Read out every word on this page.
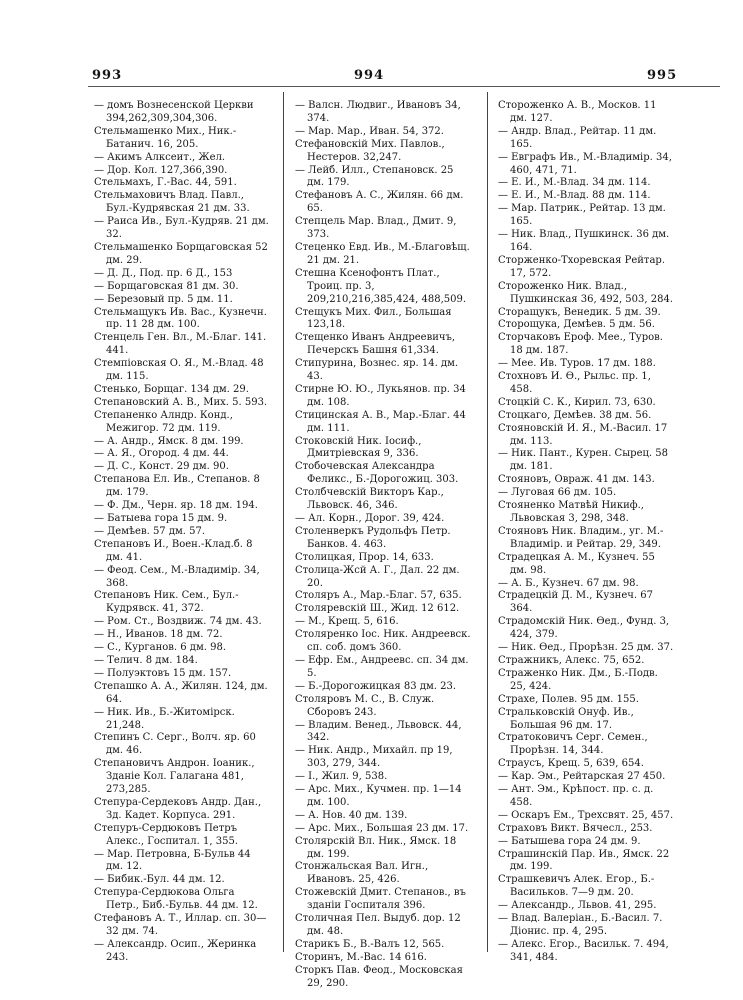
993	994	995

— домъ Вознесенской Церкви 394,262,309,304,306.

Стельмашенко Мих., Ник.-Батанич. 16, 205.

— Акимъ Алксеит., Жел.

— Дор. Кол. 127,366,390.

Стельмахъ, Г.-Вас. 44, 591.

Стельмаховичъ Влад. Павл., Бул.-Кудрявская 21 дм. 33.

— Раиса Ив., Бул.-Кудряв. 21 дм. 32.

Стельмашенко Борщаговская 52 дм. 29.

— Д. Д., Под. пр. 6 Д., 153

— Борщаговская 81 дм. 30.

— Березовый пр. 5 дм. 11.

Стельмащукъ Ив. Вас., Кузнечн. пр. 11 28 дм. 100.

Стенцель Ген. Вл., М.-Благ. 141. 441.

Стемпіовская О. Я., М.-Влад. 48 дм. 115.

Стенько, Борщаг. 134 дм. 29.

Степановский А. В., Мих. 5. 593.

Степаненко Алндр. Конд., Межигор. 72 дм. 119.

— А. Андр., Ямск. 8 дм. 199.

— А. Я., Огород. 4 дм. 44.

— Д. С., Конст. 29 дм. 90.

Степанова Ел. Ив., Степанов. 8 дм. 179.

— Ф. Дм., Черн. яр. 18 дм. 194.

— Батыева гора 15 дм. 9.

— Демѣев. 57 дм. 57.

Степановъ И., Воен.-Клад.б. 8 дм. 41.

— Феод. Сем., М.-Владимір. 34, 368.

Степановъ Ник. Сем., Бул.-Кудрявск. 41, 372.

— Ром. Ст., Воздвиж. 74 дм. 43.

— Н., Иванов. 18 дм. 72.

— С., Курганов. 6 дм. 98.

— Телич. 8 дм. 184.

— Полуэктовъ 15 дм. 157.

Степашко А. А., Жилян. 124, дм. 64.

— Ник. Ив., Б.-Житомірск. 21,248.

Степинъ С. Серг., Волч. яр. 60 дм. 46.

Степановичъ Андрон. Іоаник., Зданіе Кол. Галагана 481, 273,285.

Степура-Сердековъ Андр. Дан., Зд. Кадет. Корпуса. 291.

Степуръ-Сердюковъ Петръ Алекс., Госпитал. 1, 355.

— Мар. Петровна, Б-Бульв 44 дм. 12.

— Бибик.-Бул. 44 дм. 12.

Степура-Сердюкова Ольга Петр., Биб.-Бульв. 44 дм. 12.

Стефановъ А. Т., Иллар. сп. 30—32 дм. 74.

— Александр. Осип., Жеринка 243.

— Валсн. Людвиг., Ивановъ 34, 374.

— Мар. Мар., Иван. 54, 372.

Стефановскій Мих. Павлов., Нестеров. 32,247.

— Лейб. Илл., Степановск. 25 дм. 179.

Стефановъ А. С., Жилян. 66 дм. 65.

Степцель Мар. Влад., Дмит. 9, 373.

Стеценко Евд. Ив., М.-Благовѣщ. 21 дм. 21.

Стешна Ксенофонтъ Плат., Троиц. пр. 3, 209,210,216,385,424, 488,509.

Стещукъ Мих. Фил., Большая 123,18.

Стещенко Иванъ Андреевичъ, Печерскъ Башня 61,334.

Стипурина, Вознес. яр. 14. дм. 43.

Стирне Ю. Ю., Лукьянов. пр. 34 дм. 108.

Стицинская А. В., Мар.-Благ. 44 дм. 111.

Стоковскій Ник. Іосиф., Дмитріевская 9, 336.

Стобочевская Александра Феликс., Б.-Дорогожиц. 303.

Столбчевскій Викторъ Кар., Львовск. 46, 346.

— Ал. Корн., Дорог. 39, 424.

Столенверкъ Рудольфъ Петр. Банков. 4. 463.

Столицкая, Прор. 14, 633.

Столица-Жсй А. Г., Дал. 22 дм. 20.

Столяръ А., Мар.-Благ. 57, 635.

Столяревскій Ш., Жид. 12 612.

— М., Крещ. 5, 616.

Столяренко Іос. Ник. Андреевск. сп. соб. домъ 360.

— Ефр. Ем., Андреевс. сп. 34 дм. 5.

— Б.-Дорогожицкая 83 дм. 23.

Столяровъ М. С., В. Служ. Сборовъ 243.

— Владим. Венед., Львовск. 44, 342.

— Ник. Андр., Михайл. пр 19, 303, 279, 344.

— І., Жил. 9, 538.

— Арс. Мих., Кучмен. пр. 1—14 дм. 100.

— А. Нов. 40 дм. 139.

— Арс. Мих., Большая 23 дм. 17.

Столярскій Вл. Ник., Ямск. 18 дм. 199.

Стонжальская Вал. Игн., Ивановъ. 25, 426.

Стожевскій Дмит. Степанов., въ зданіи Госпиталя 396.

Столичная Пел. Выдуб. дор. 12 дм. 48.

Старикъ Б., В.-Валъ 12, 565.

Сторинъ, М.-Вас. 14 616.

Сторкъ Пав. Феод., Московская 29, 290.

Стороженко А. В., Москов. 11 дм. 127.

— Андр. Влад., Рейтар. 11 дм. 165.

— Евграфъ Ив., М.-Владимір. 34, 460, 471, 71.

— Е. И., М.-Влад. 34 дм. 114.

— Е. И., М.-Влад. 88 дм. 114.

— Мар. Патрик., Рейтар. 13 дм. 165.

— Ник. Влад., Пушкинск. 36 дм. 164.

Сторженко-Тхоревская Рейтар. 17, 572.

Стороженко Ник. Влад., Пушкинская 36, 492, 503, 284.

Сторащукъ, Венедик. 5 дм. 39.

Сторощука, Демѣев. 5 дм. 56.

Сторчаковъ Ероф. Мее., Туров. 18 дм. 187.

— Мее. Ив. Туров. 17 дм. 188.

Стохновъ И. Ө., Рыльс. пр. 1, 458.

Стоцкій С. К., Кирил. 73, 630.

Стоцкаго, Демѣев. 38 дм. 56.

Стояновскій И. Я., М.-Васил. 17 дм. 113.

— Ник. Пант., Курен. Сырец. 58 дм. 181.

Стояновъ, Овраж. 41 дм. 143.

— Луговая 66 дм. 105.

Стояненко Матвѣй Никиф., Львовская 3, 298, 348.

Стояновъ Ник. Владим., уг. М.-Владимір. и Рейтар. 29, 349.

Страдецкая А. М., Кузнеч. 55 дм. 98.

— А. Б., Кузнеч. 67 дм. 98.

Страдецкій Д. М., Кузнеч. 67 364.

Страдомскій Ник. Өед., Фунд. 3, 424, 379.

— Ник. Өед., Прорѣзн. 25 дм. 37.

Стражникъ, Алекс. 75, 652.

Страженко Ник. Дм., Б.-Подв. 25, 424.

Страхе, Полев. 95 дм. 155.

Стральковскій Онуф. Ив., Большая 96 дм. 17.

Стратоковичъ Серг. Семен., Прорѣзн. 14, 344.

Страусъ, Крещ. 5, 639, 654.

— Кар. Эм., Рейтарская 27 450.

— Ант. Эм., Крѣпост. пр. с. д. 458.

— Оскаръ Ем., Трехсвят. 25, 457.

Страховъ Викт. Вячесл., 253.

— Батышева гора 24 дм. 9.

Страшинскій Пар. Ив., Ямск. 22 дм. 199.

Страшкевичъ Алек. Егор., Б.-Васильков. 7—9 дм. 20.

— Александр., Львов. 41, 295.

— Влад. Валеріан., Б.-Васил. 7. Діонис. пр. 4, 295.

— Алекс. Егор., Васильк. 7. 494, 341, 484.
